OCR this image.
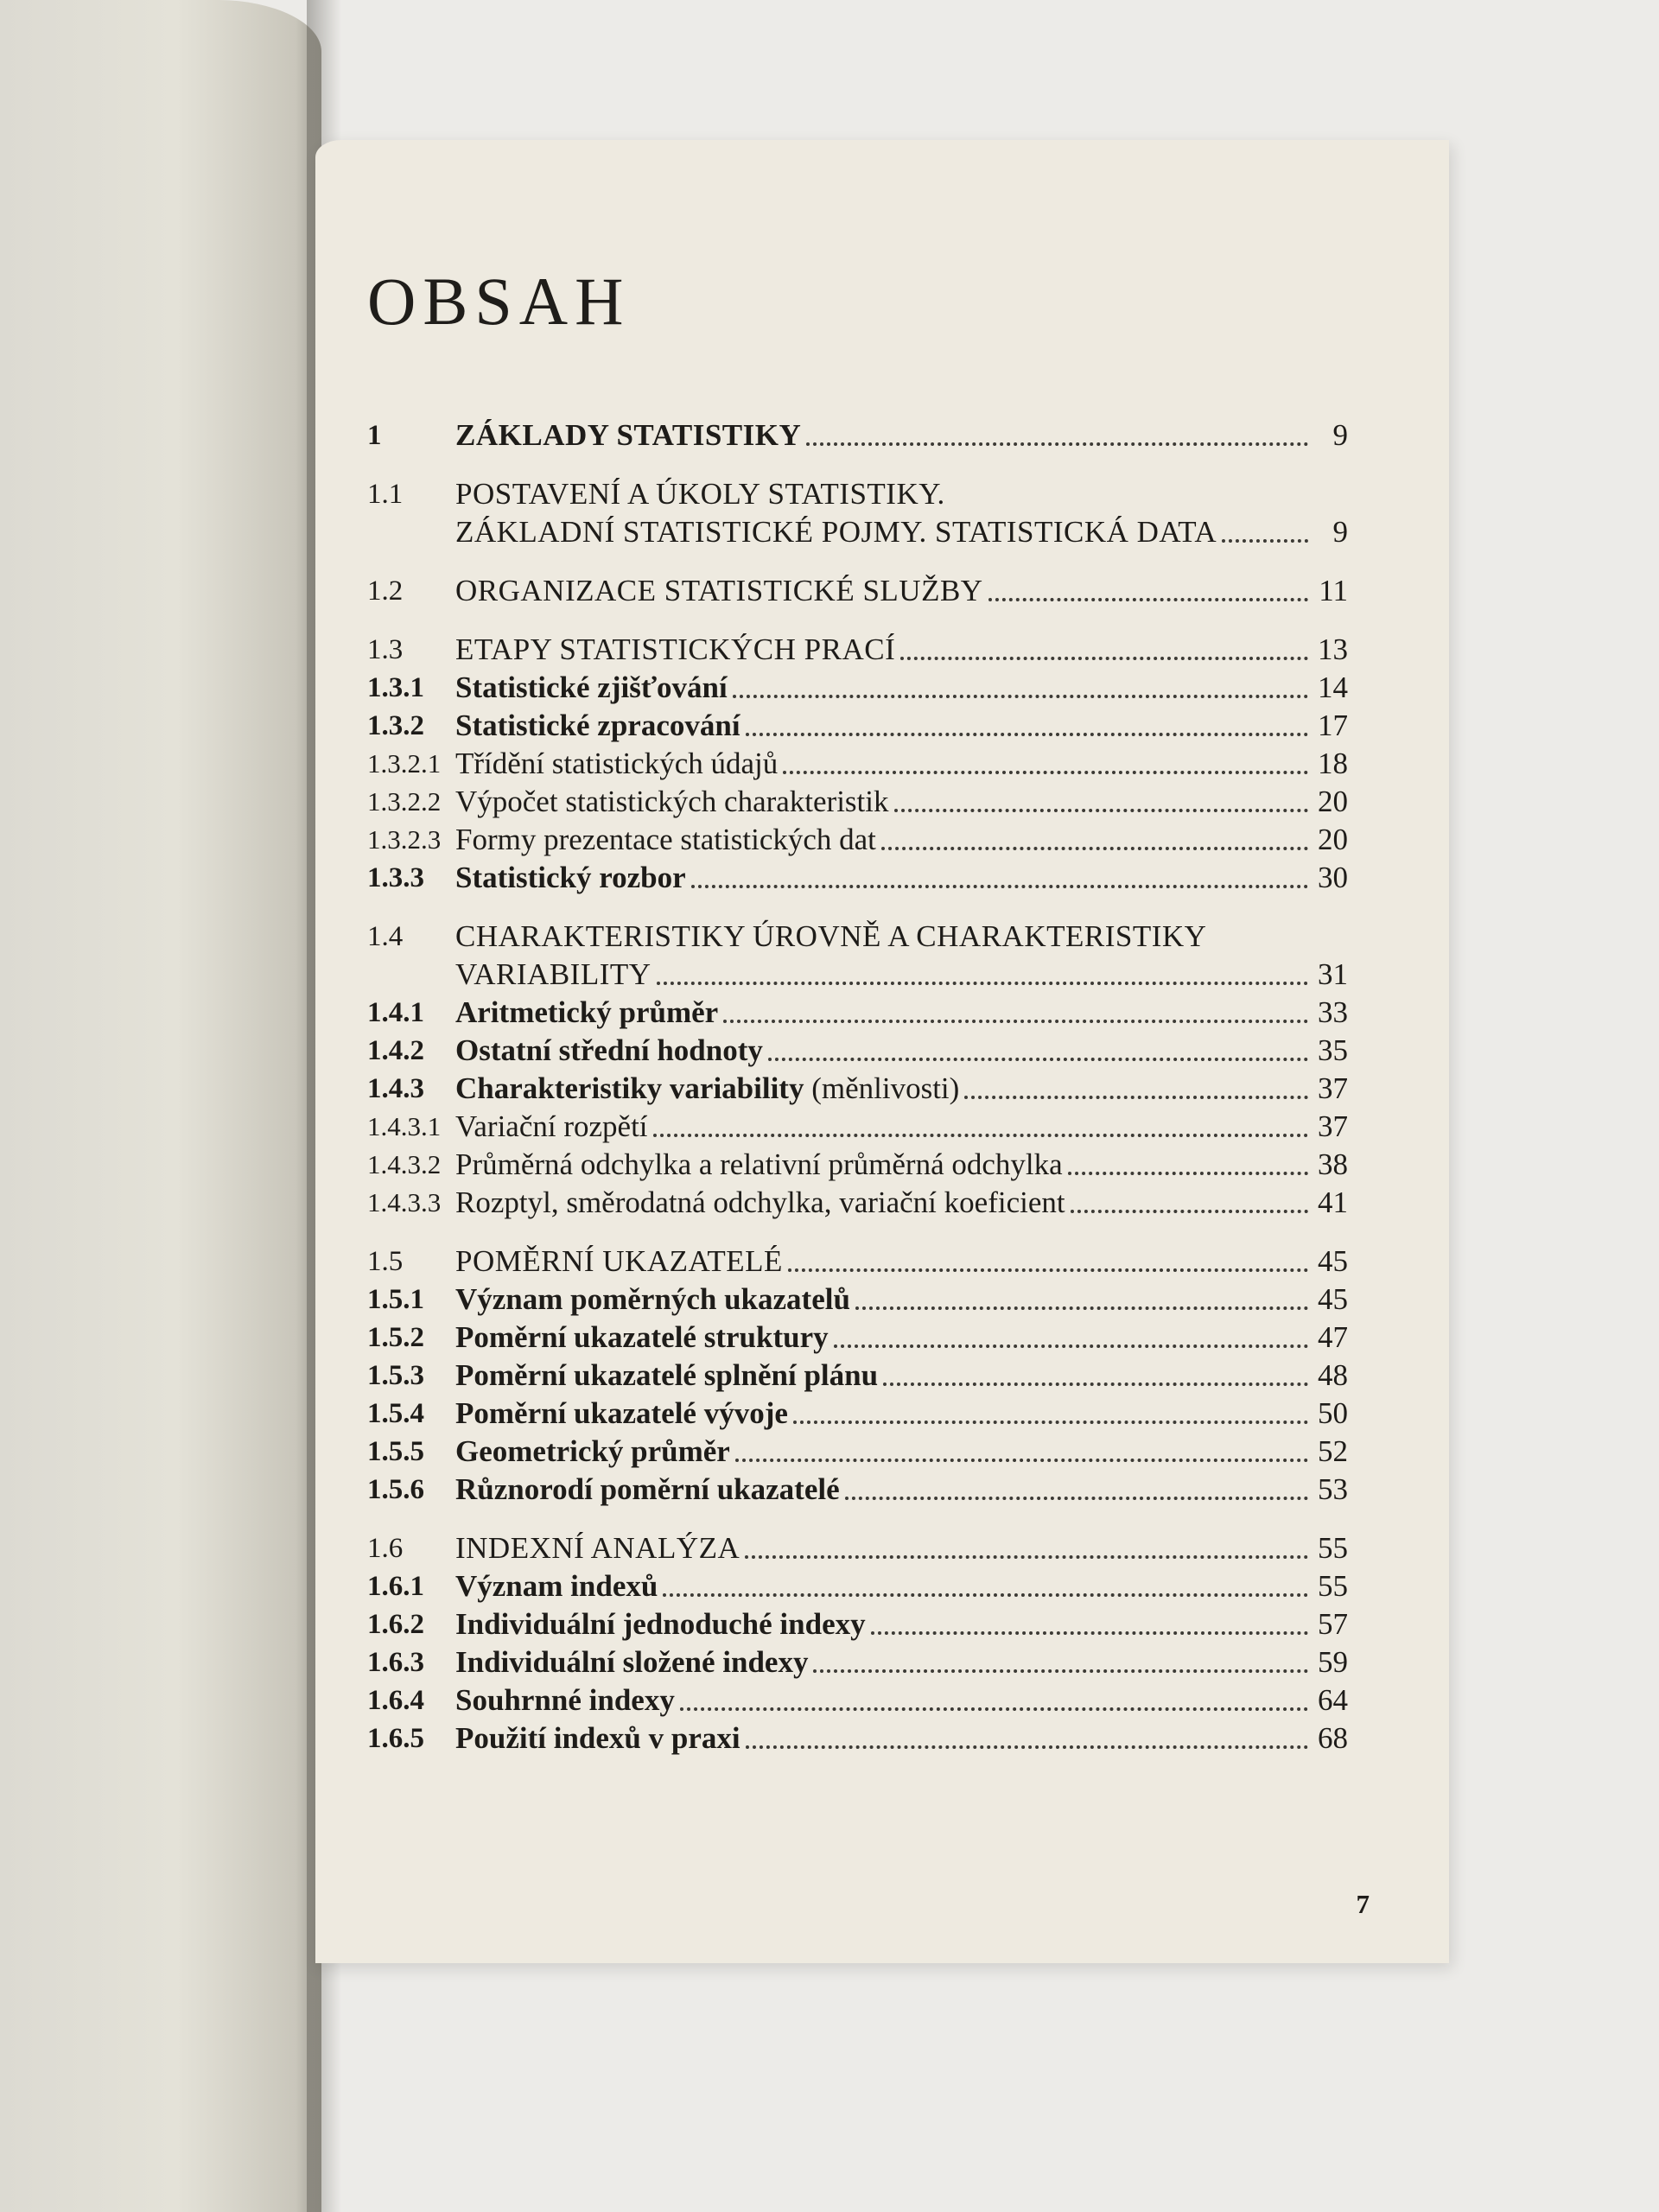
OBSAH
1	ZÁKLADY STATISTIKY	9
1.1	POSTAVENÍ A ÚKOLY STATISTIKY.
ZÁKLADNÍ STATISTICKÉ POJMY. STATISTICKÁ DATA	9
1.2	ORGANIZACE STATISTICKÉ SLUŽBY	11
1.3	ETAPY STATISTICKÝCH PRACÍ	13
1.3.1	Statistické zjišťování	14
1.3.2	Statistické zpracování	17
1.3.2.1 Třídění statistických údajů	18
1.3.2.2 Výpočet statistických charakteristik	20
1.3.2.3 Formy prezentace statistických dat	20
1.3.3	Statistický rozbor	30
1.4	CHARAKTERISTIKY ÚROVNĚ A CHARAKTERISTIKY
VARIABILITY	31
1.4.1	Aritmetický průměr	33
1.4.2	Ostatní střední hodnoty	35
1.4.3	Charakteristiky variability (měnlivosti)	37
1.4.3.1 Variační rozpětí	37
1.4.3.2 Průměrná odchylka a relativní průměrná odchylka	38
1.4.3.3 Rozptyl, směrodatná odchylka, variační koeficient	41
1.5	POMĚRNÍ UKAZATELÉ	45
1.5.1	Význam poměrných ukazatelů	45
1.5.2	Poměrní ukazatelé struktury	47
1.5.3	Poměrní ukazatelé splnění plánu	48
1.5.4	Poměrní ukazatelé vývoje	50
1.5.5	Geometrický průměr	52
1.5.6	Různorodí poměrní ukazatelé	53
1.6	INDEXNÍ ANALÝZA	55
1.6.1	Význam indexů	55
1.6.2	Individuální jednoduché indexy	57
1.6.3	Individuální složené indexy	59
1.6.4	Souhrnné indexy	64
1.6.5	Použití indexů v praxi	68
7
